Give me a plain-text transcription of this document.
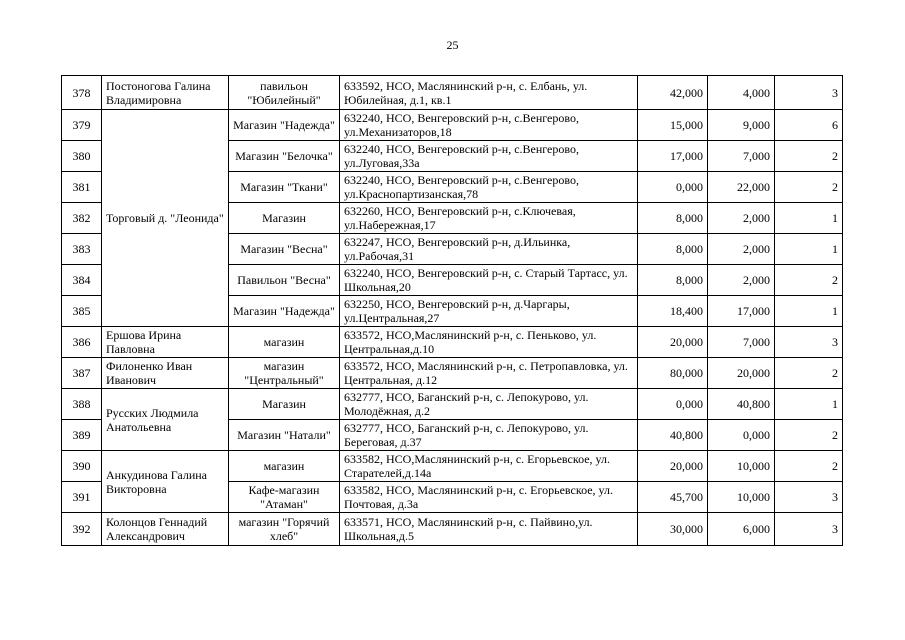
25
378	Постоногова Галина Владимировна	павильон "Юбилейный"	633592, НСО, Маслянинский р-н, с. Елбань, ул. Юбилейная, д.1, кв.1	42,000	4,000	3
379	Торговый д. "Леонида"	Магазин "Надежда"	632240, НСО, Венгеровский р-н, с.Венгерово, ул.Механизаторов,18	15,000	9,000	6
380		Магазин "Белочка"	632240, НСО, Венгеровский р-н, с.Венгерово, ул.Луговая,33а	17,000	7,000	2
381		Магазин "Ткани"	632240, НСО, Венгеровский р-н, с.Венгерово, ул.Краснопартизанская,78	0,000	22,000	2
382		Магазин	632260, НСО, Венгеровский р-н, с.Ключевая, ул.Набережная,17	8,000	2,000	1
383		Магазин "Весна"	632247, НСО, Венгеровский р-н, д.Ильинка, ул.Рабочая,31	8,000	2,000	1
384		Павильон "Весна"	632240, НСО, Венгеровский р-н, с. Старый Тартасс, ул. Школьная,20	8,000	2,000	2
385		Магазин "Надежда"	632250, НСО, Венгеровский р-н, д.Чаргары, ул.Центральная,27	18,400	17,000	1
386	Ершова Ирина Павловна	магазин	633572, НСО,Маслянинский р-н, с. Пеньково, ул. Центральная,д.10	20,000	7,000	3
387	Филоненко Иван Иванович	магазин "Центральный"	633572, НСО, Маслянинский р-н, с. Петропавловка, ул. Центральная, д.12	80,000	20,000	2
388	Русских Людмила Анатольевна	Магазин	632777, НСО, Баганский р-н, с. Лепокурово, ул. Молодёжная, д.2	0,000	40,800	1
389		Магазин "Натали"	632777, НСО, Баганский р-н, с. Лепокурово, ул. Береговая, д.37	40,800	0,000	2
390	Анкудинова Галина Викторовна	магазин	633582, НСО,Маслянинский р-н, с. Егорьевское, ул. Старателей,д.14а	20,000	10,000	2
391		Кафе-магазин "Атаман"	633582, НСО, Маслянинский р-н, с. Егорьевское, ул. Почтовая, д.3а	45,700	10,000	3
392	Колонцов Геннадий Александрович	магазин "Горячий хлеб"	633571, НСО, Маслянинский р-н, с. Пайвино,ул. Школьная,д.5	30,000	6,000	3
